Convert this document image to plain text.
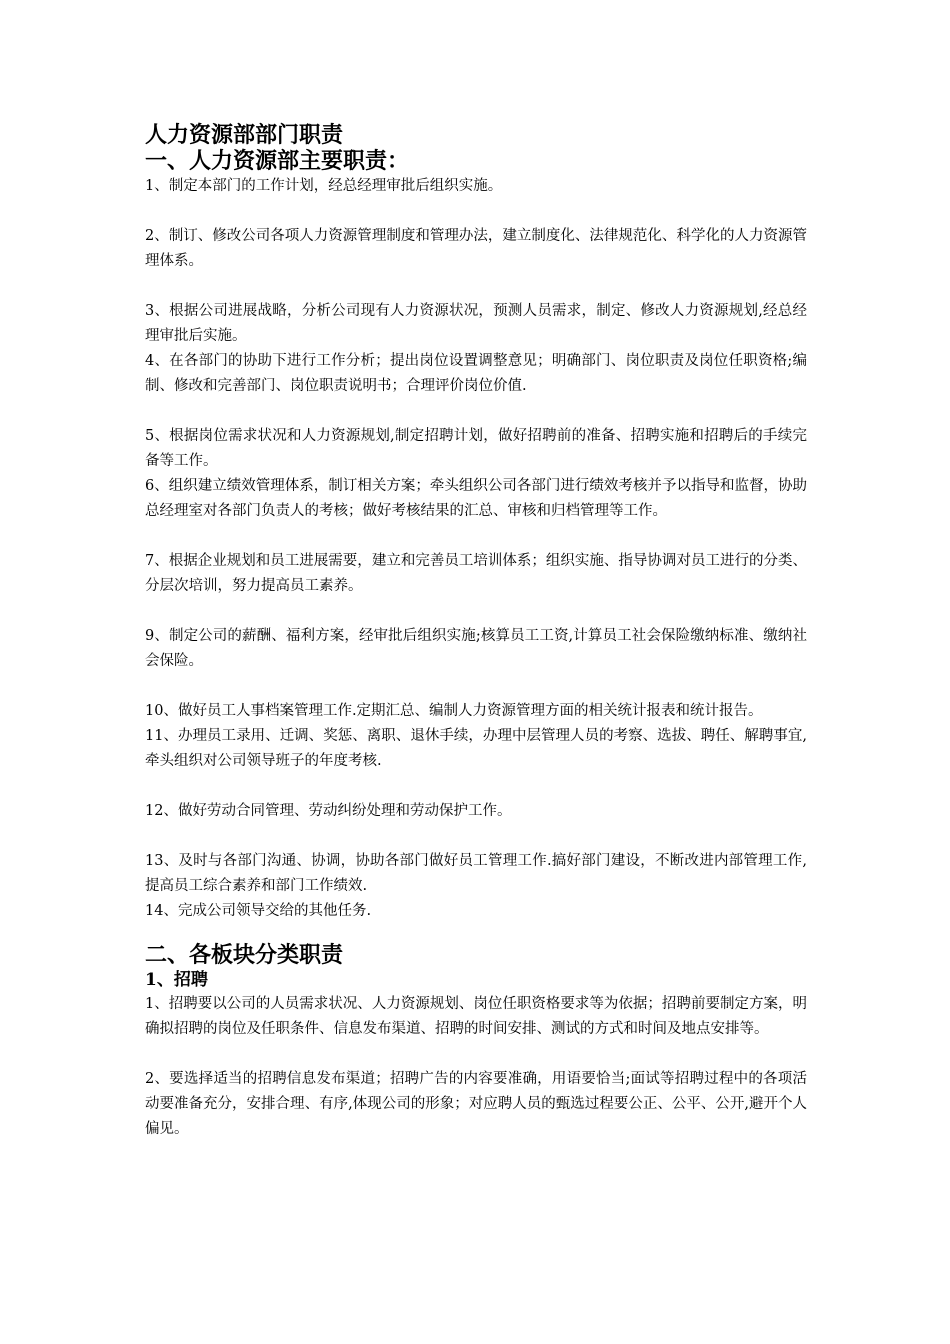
人力资源部部门职责
一、人力资源部主要职责：

1、制定本部门的工作计划，经总经理审批后组织实施。

2、制订、修改公司各项人力资源管理制度和管理办法，建立制度化、法律规范化、科学化的人力资源管理体系。

3、根据公司进展战略，分析公司现有人力资源状况，预测人员需求，制定、修改人力资源规划,经总经理审批后实施。

4、在各部门的协助下进行工作分析；提出岗位设置调整意见；明确部门、岗位职责及岗位任职资格;编制、修改和完善部门、岗位职责说明书；合理评价岗位价值.

5、根据岗位需求状况和人力资源规划,制定招聘计划，做好招聘前的准备、招聘实施和招聘后的手续完备等工作。

6、组织建立绩效管理体系，制订相关方案；牵头组织公司各部门进行绩效考核并予以指导和监督，协助总经理室对各部门负责人的考核；做好考核结果的汇总、审核和归档管理等工作。

7、根据企业规划和员工进展需要，建立和完善员工培训体系；组织实施、指导协调对员工进行的分类、分层次培训，努力提高员工素养。

9、制定公司的薪酬、福利方案，经审批后组织实施;核算员工工资,计算员工社会保险缴纳标准、缴纳社会保险。

10、做好员工人事档案管理工作.定期汇总、编制人力资源管理方面的相关统计报表和统计报告。

11、办理员工录用、迁调、奖惩、离职、退休手续，办理中层管理人员的考察、选拔、聘任、解聘事宜,牵头组织对公司领导班子的年度考核.

12、做好劳动合同管理、劳动纠纷处理和劳动保护工作。

13、及时与各部门沟通、协调，协助各部门做好员工管理工作.搞好部门建设，不断改进内部管理工作,提高员工综合素养和部门工作绩效.

14、完成公司领导交给的其他任务.

二、各板块分类职责
1、招聘

1、招聘要以公司的人员需求状况、人力资源规划、岗位任职资格要求等为依据；招聘前要制定方案，明确拟招聘的岗位及任职条件、信息发布渠道、招聘的时间安排、测试的方式和时间及地点安排等。

2、要选择适当的招聘信息发布渠道；招聘广告的内容要准确，用语要恰当;面试等招聘过程中的各项活动要准备充分，安排合理、有序,体现公司的形象；对应聘人员的甄选过程要公正、公平、公开,避开个人偏见。
